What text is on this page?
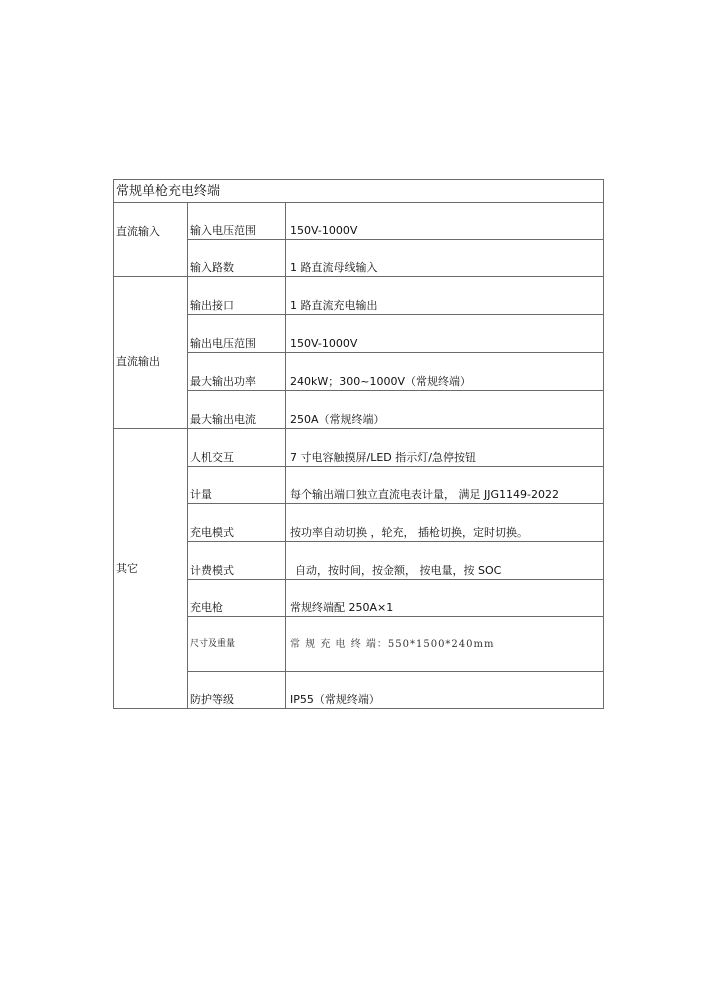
常规单枪充电终端		
直流输入	输入电压范围	150V-1000V
	输入路数	1 路直流母线输入
直流输出	输出接口	1 路直流充电输出
	输出电压范围	150V-1000V
	最大输出功率	240kW；300~1000V（常规终端）
	最大输出电流	250A（常规终端）
其它	人机交互	7 寸电容触摸屏/LED 指示灯/急停按钮
	计量	每个输出端口独立直流电表计量， 满足 JJG1149-2022
	充电模式	按功率自动切换 ，轮充， 插枪切换，定时切换。
	计费模式	自动，按时间，按金额， 按电量，按 SOC
	充电枪	常规终端配 250A×1
	尺寸及重量	常 规 充 电 终 端：550*1500*240mm
	防护等级	IP55（常规终端）
